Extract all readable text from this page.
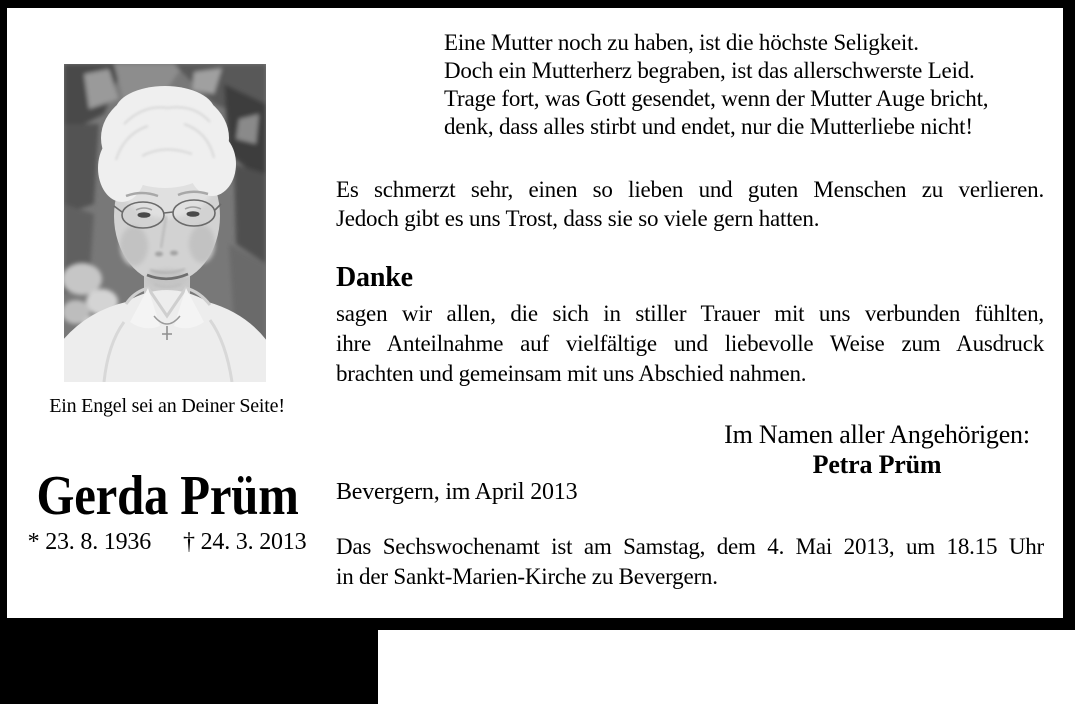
Ein Engel sei an Deiner Seite!
Gerda Prüm
* 23. 8. 1936 † 24. 3. 2013
Eine Mutter noch zu haben, ist die höchste Seligkeit.
Doch ein Mutterherz begraben, ist das allerschwerste Leid.
Trage fort, was Gott gesendet, wenn der Mutter Auge bricht,
denk, dass alles stirbt und endet, nur die Mutterliebe nicht!
Es schmerzt sehr, einen so lieben und guten Menschen zu verlieren.
Jedoch gibt es uns Trost, dass sie so viele gern hatten.
Danke
sagen wir allen, die sich in stiller Trauer mit uns verbunden fühlten,
ihre Anteilnahme auf vielfältige und liebevolle Weise zum Ausdruck
brachten und gemeinsam mit uns Abschied nahmen.
Im Namen aller Angehörigen:
Petra Prüm
Bevergern, im April 2013
Das Sechswochenamt ist am Samstag, dem 4. Mai 2013, um 18.15 Uhr
in der Sankt-Marien-Kirche zu Bevergern.
